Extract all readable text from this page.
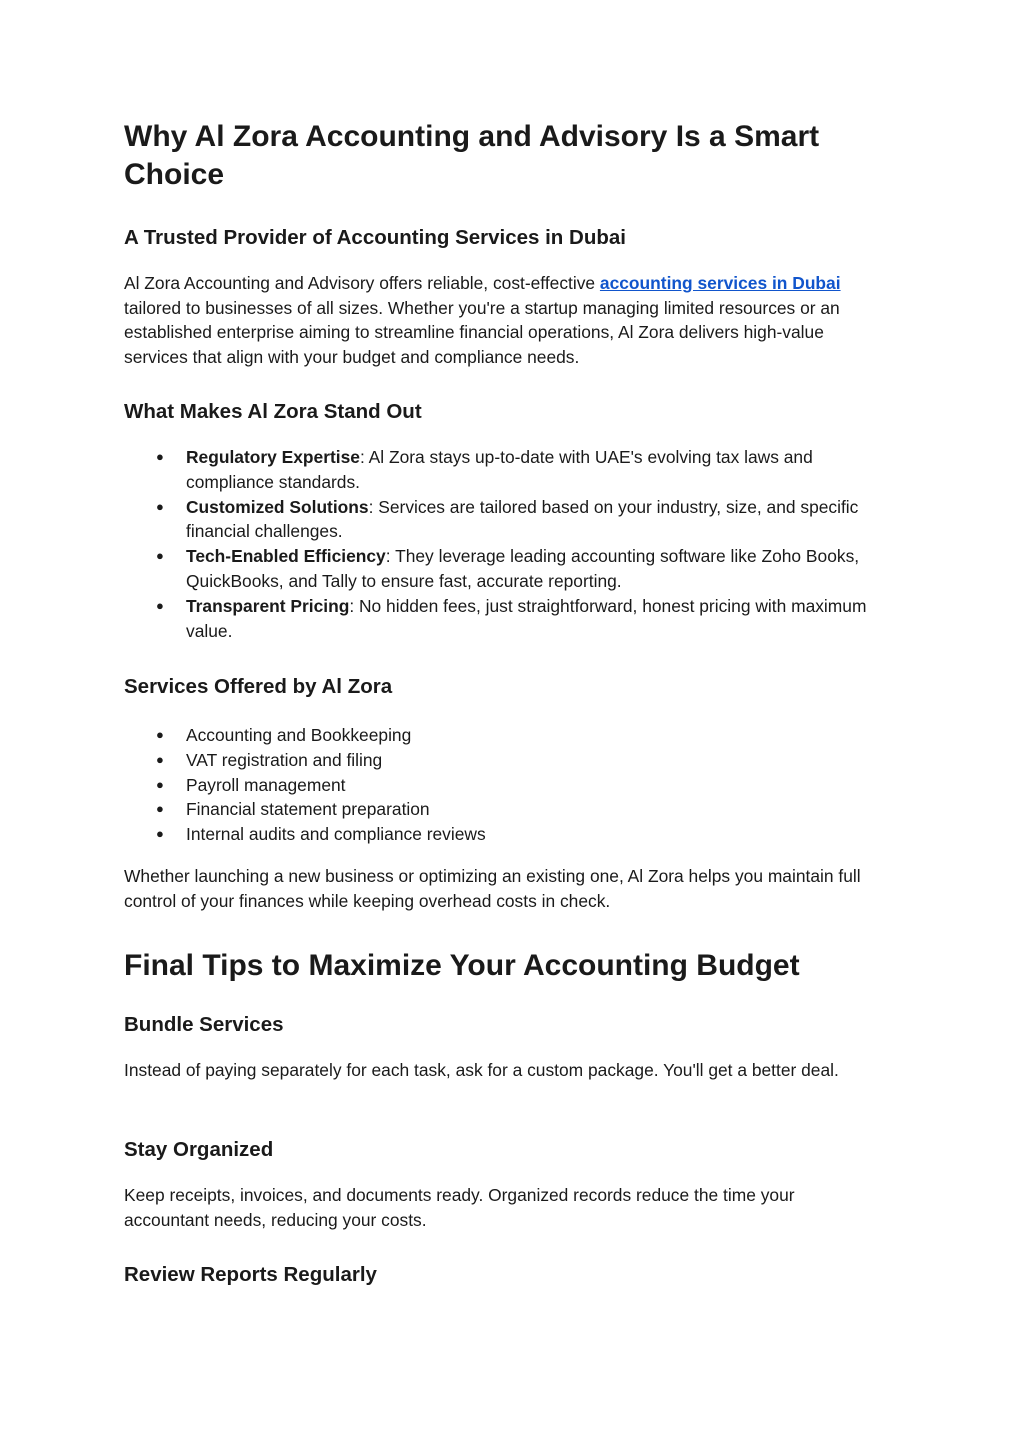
Why Al Zora Accounting and Advisory Is a Smart Choice
A Trusted Provider of Accounting Services in Dubai

Al Zora Accounting and Advisory offers reliable, cost-effective accounting services in Dubai tailored to businesses of all sizes. Whether you're a startup managing limited resources or an established enterprise aiming to streamline financial operations, Al Zora delivers high-value services that align with your budget and compliance needs.

What Makes Al Zora Stand Out
● Regulatory Expertise: Al Zora stays up-to-date with UAE's evolving tax laws and compliance standards.
● Customized Solutions: Services are tailored based on your industry, size, and specific financial challenges.
● Tech-Enabled Efficiency: They leverage leading accounting software like Zoho Books, QuickBooks, and Tally to ensure fast, accurate reporting.
● Transparent Pricing: No hidden fees, just straightforward, honest pricing with maximum value.
Services Offered by Al Zora
● Accounting and Bookkeeping
● VAT registration and filing
● Payroll management
● Financial statement preparation
● Internal audits and compliance reviews

Whether launching a new business or optimizing an existing one, Al Zora helps you maintain full control of your finances while keeping overhead costs in check.

Final Tips to Maximize Your Accounting Budget
Bundle Services

Instead of paying separately for each task, ask for a custom package. You'll get a better deal.

Stay Organized

Keep receipts, invoices, and documents ready. Organized records reduce the time your accountant needs, reducing your costs.

Review Reports Regularly
